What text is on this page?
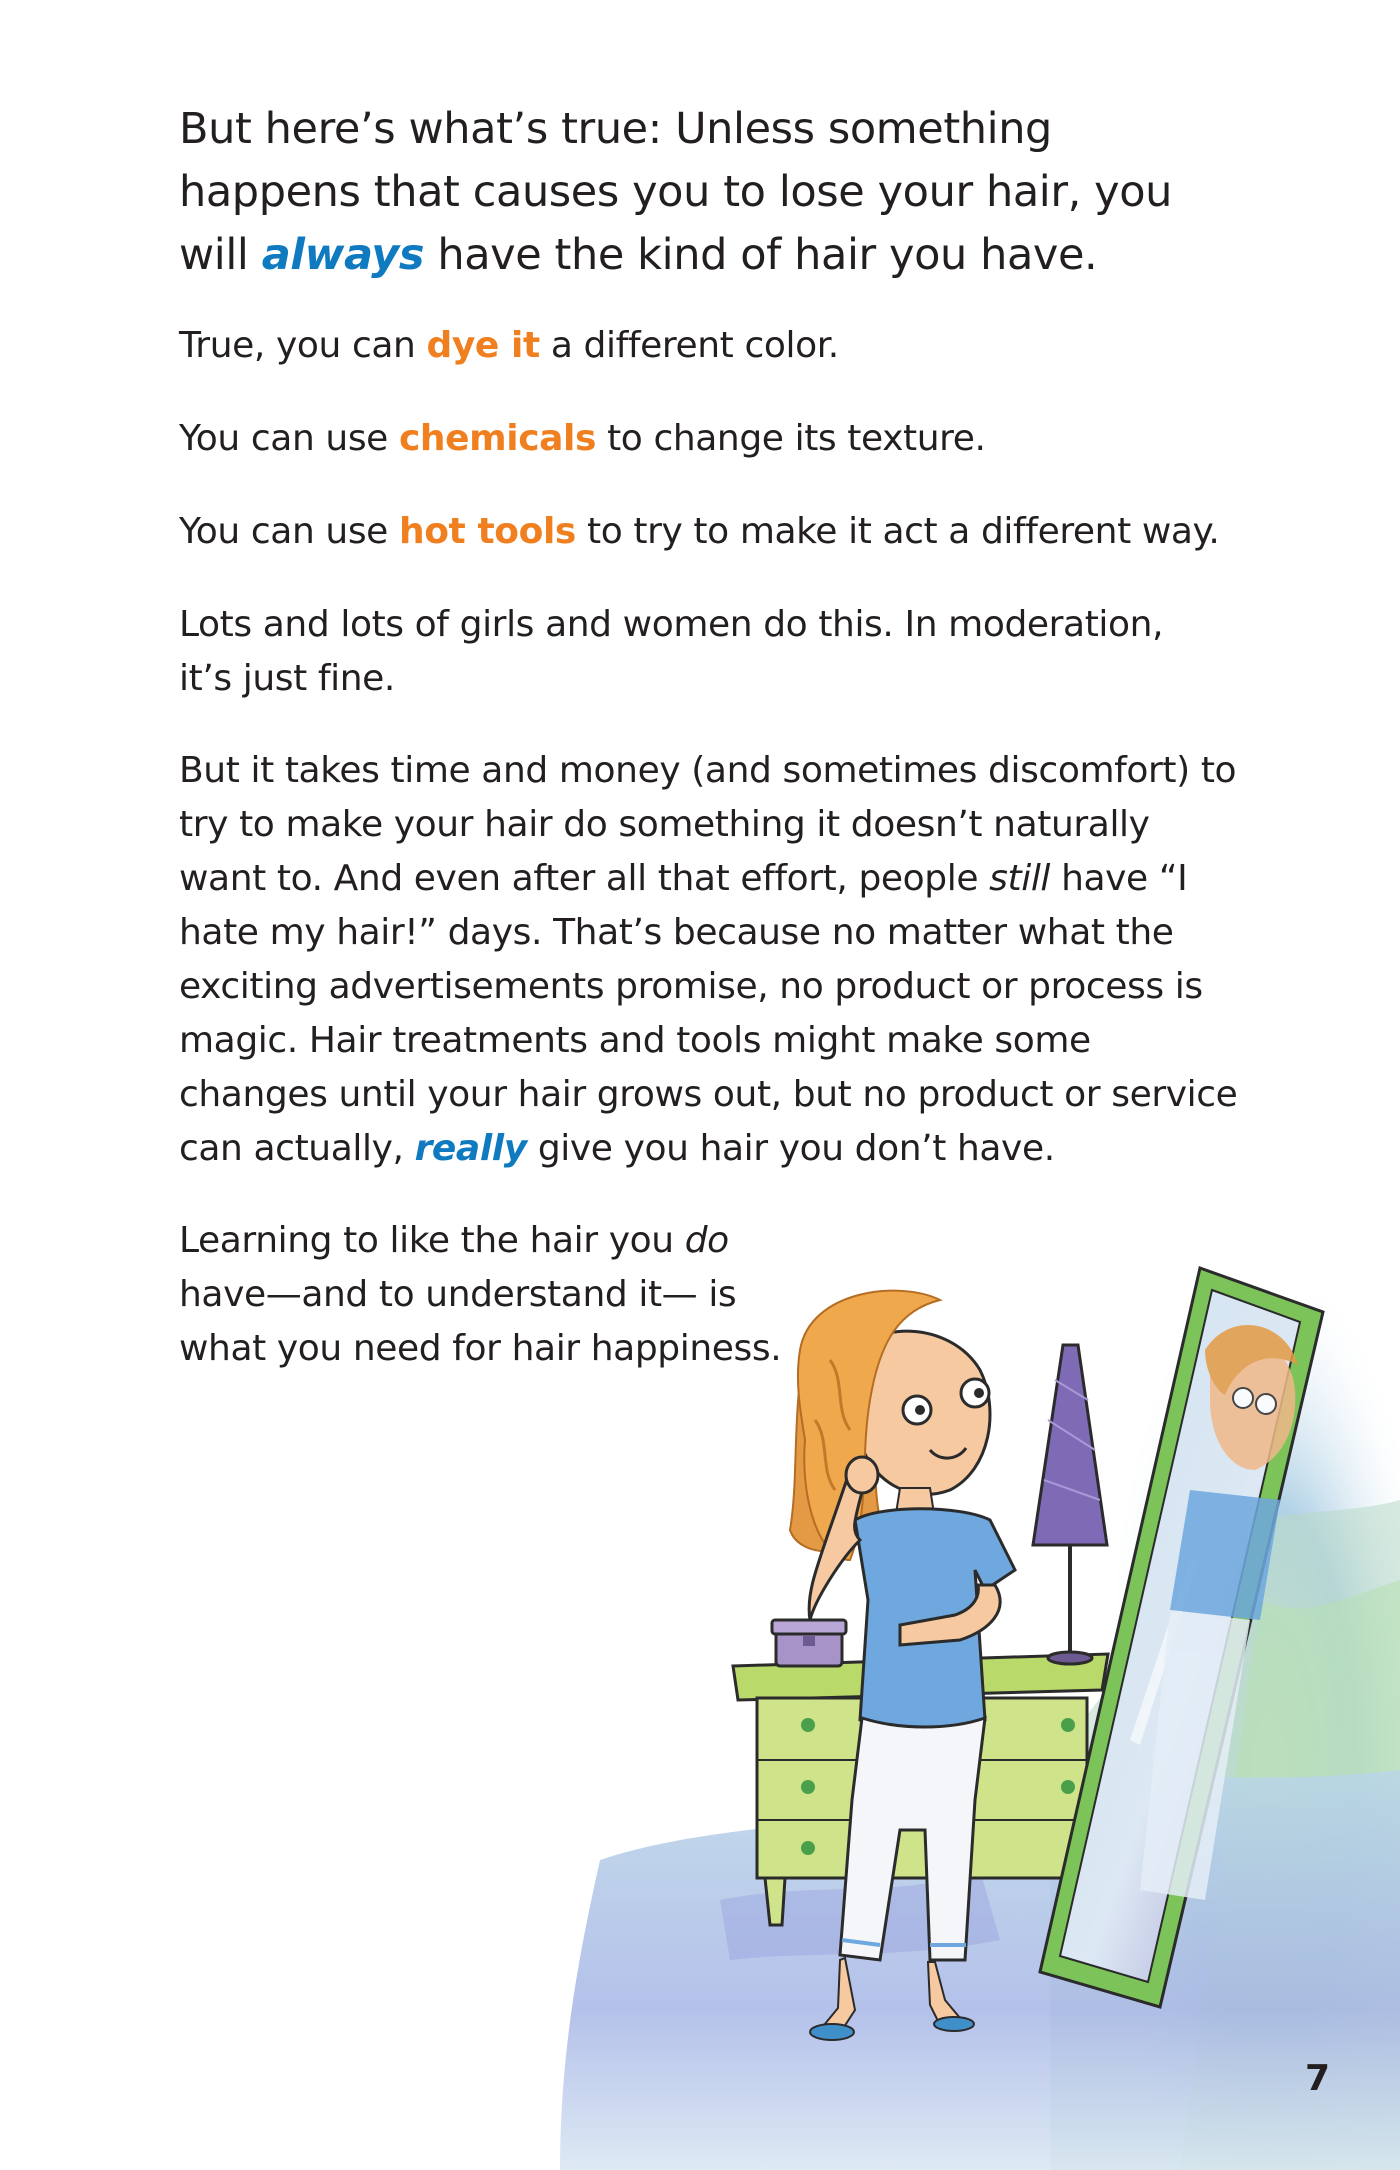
But here’s what’s true: Unless something happens that causes you to lose your hair, you will always have the kind of hair you have.

True, you can dye it a different color.

You can use chemicals to change its texture.

You can use hot tools to try to make it act a different way.

Lots and lots of girls and women do this. In moderation, it’s just fine.

But it takes time and money (and sometimes discomfort) to try to make your hair do something it doesn’t naturally want to. And even after all that effort, people still have “I hate my hair!” days. That’s because no matter what the exciting advertisements promise, no product or process is magic. Hair treatments and tools might make some changes until your hair grows out, but no product or service can actually, really give you hair you don’t have.

Learning to like the hair you do have—and to understand it— is what you need for hair happiness.

7
